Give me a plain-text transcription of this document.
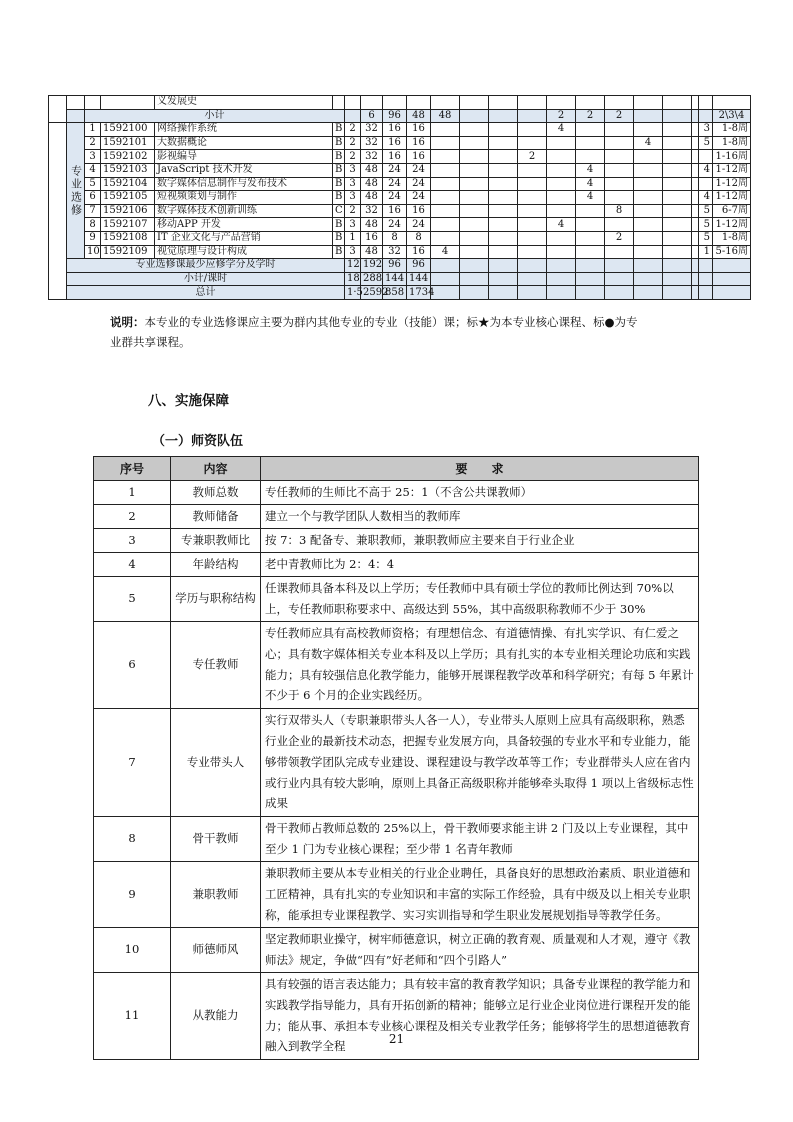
				义发展史																	
		小计					6	96	48	48				2	2	2					2\3\4
	专业选修	1	1592100	网络操作系统	B	2	32	16	16					4						3	1-8周
		2	1592101	大数据概论	B	2	32	16	16								4			5	1-8周
		3	1592102	影视编导	B	2	32	16	16				2								1-16周
		4	1592103	JavaScript 技术开发	B	3	48	24	24						4					4	1-12周
		5	1592104	数字媒体信息制作与发布技术	B	3	48	24	24						4						1-12周
		6	1592105	短视频策划与制作	B	3	48	24	24						4					4	1-12周
		7	1592106	数字媒体技术创新训练	C	2	32	16	16							8				5	6-7周
		8	1592107	移动APP 开发	B	3	48	24	24					4						5	1-12周
		9	1592108	IT 企业文化与产品营销	B	1	16	8	8							2				5	1-8周
		10	1592109	视觉原理与设计构成	B	3	48	32	16	4										1	5-16周
	专业选修课最少应修学分及学时					12	192	96	96												
	小计/课时					18	288	144	144												
	总计					1·5	2592	858	1734												
说明：本专业的专业选修课应主要为群内其他专业的专业（技能）课；标★为本专业核心课程、标●为专
业群共享课程。
八、实施保障
（一）师资队伍
序号	内容	要　　求
1	教师总数	专任教师的生师比不高于 25：1（不含公共课教师）
2	教师储备	建立一个与教学团队人数相当的教师库
3	专兼职教师比	按 7：3 配备专、兼职教师，兼职教师应主要来自于行业企业
4	年龄结构	老中青教师比为 2：4：4
5	学历与职称结构	任课教师具备本科及以上学历；专任教师中具有硕士学位的教师比例达到 70%以上，专任教师职称要求中、高级达到 55%，其中高级职称教师不少于 30%
6	专任教师	专任教师应具有高校教师资格；有理想信念、有道德情操、有扎实学识、有仁爱之心；具有数字媒体相关专业本科及以上学历；具有扎实的本专业相关理论功底和实践能力；具有较强信息化教学能力，能够开展课程教学改革和科学研究；有每 5 年累计不少于 6 个月的企业实践经历。
7	专业带头人	实行双带头人（专职兼职带头人各一人），专业带头人原则上应具有高级职称，熟悉行业企业的最新技术动态，把握专业发展方向，具备较强的专业水平和专业能力，能够带领教学团队完成专业建设、课程建设与教学改革等工作；专业群带头人应在省内或行业内具有较大影响，原则上具备正高级职称并能够牵头取得 1 项以上省级标志性成果
8	骨干教师	骨干教师占教师总数的 25%以上，骨干教师要求能主讲 2 门及以上专业课程，其中至少 1 门为专业核心课程；至少带 1 名青年教师
9	兼职教师	兼职教师主要从本专业相关的行业企业聘任，具备良好的思想政治素质、职业道德和工匠精神，具有扎实的专业知识和丰富的实际工作经验，具有中级及以上相关专业职称，能承担专业课程教学、实习实训指导和学生职业发展规划指导等教学任务。
10	师德师风	坚定教师职业操守，树牢师德意识，树立正确的教育观、质量观和人才观，遵守《教师法》规定，争做“四有”好老师和“四个引路人”
11	从教能力	具有较强的语言表达能力；具有较丰富的教育教学知识；具备专业课程的教学能力和实践教学指导能力，具有开拓创新的精神；能够立足行业企业岗位进行课程开发的能力；能从事、承担本专业核心课程及相关专业教学任务；能够将学生的思想道德教育融入到教学全程
21
